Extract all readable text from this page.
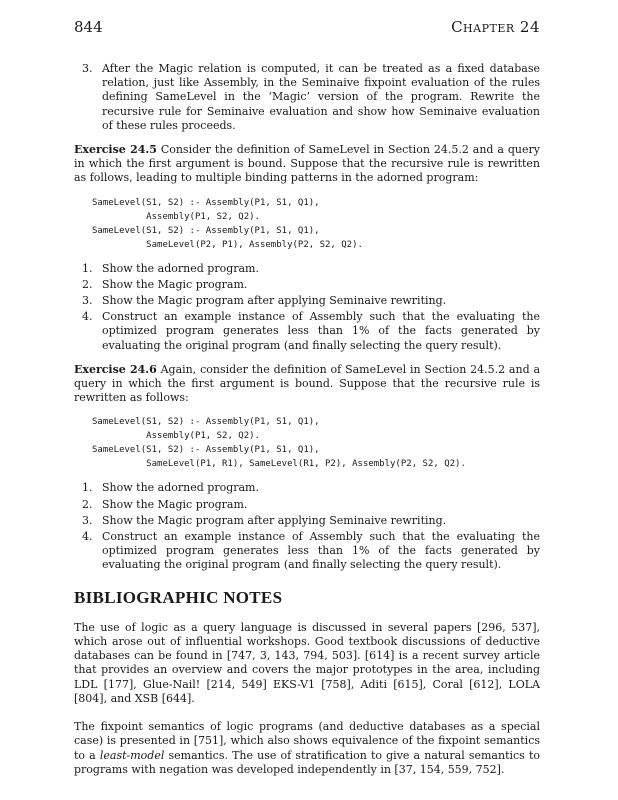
844	Chapter 24
3. After the Magic relation is computed, it can be treated as a fixed database relation, just like Assembly, in the Seminaive fixpoint evaluation of the rules defining SameLevel in the ‘Magic’ version of the program. Rewrite the recursive rule for Seminaive evaluation and show how Seminaive evaluation of these rules proceeds.
Exercise 24.5 Consider the definition of SameLevel in Section 24.5.2 and a query in which the first argument is bound. Suppose that the recursive rule is rewritten as follows, leading to multiple binding patterns in the adorned program:
SameLevel(S1, S2) :- Assembly(P1, S1, Q1),
Assembly(P1, S2, Q2).
SameLevel(S1, S2) :- Assembly(P1, S1, Q1),
SameLevel(P2, P1), Assembly(P2, S2, Q2).
1. Show the adorned program.
2. Show the Magic program.
3. Show the Magic program after applying Seminaive rewriting.
4. Construct an example instance of Assembly such that the evaluating the optimized program generates less than 1% of the facts generated by evaluating the original program (and finally selecting the query result).
Exercise 24.6 Again, consider the definition of SameLevel in Section 24.5.2 and a query in which the first argument is bound. Suppose that the recursive rule is rewritten as follows:
SameLevel(S1, S2) :- Assembly(P1, S1, Q1),
Assembly(P1, S2, Q2).
SameLevel(S1, S2) :- Assembly(P1, S1, Q1),
SameLevel(P1, R1), SameLevel(R1, P2), Assembly(P2, S2, Q2).
1. Show the adorned program.
2. Show the Magic program.
3. Show the Magic program after applying Seminaive rewriting.
4. Construct an example instance of Assembly such that the evaluating the optimized program generates less than 1% of the facts generated by evaluating the original program (and finally selecting the query result).
BIBLIOGRAPHIC NOTES

The use of logic as a query language is discussed in several papers [296, 537], which arose out of influential workshops. Good textbook discussions of deductive databases can be found in [747, 3, 143, 794, 503]. [614] is a recent survey article that provides an overview and covers the major prototypes in the area, including LDL [177], Glue-Nail! [214, 549] EKS-V1 [758], Aditi [615], Coral [612], LOLA [804], and XSB [644].

The fixpoint semantics of logic programs (and deductive databases as a special case) is presented in [751], which also shows equivalence of the fixpoint semantics to a least-model semantics. The use of stratification to give a natural semantics to programs with negation was developed independently in [37, 154, 559, 752].
